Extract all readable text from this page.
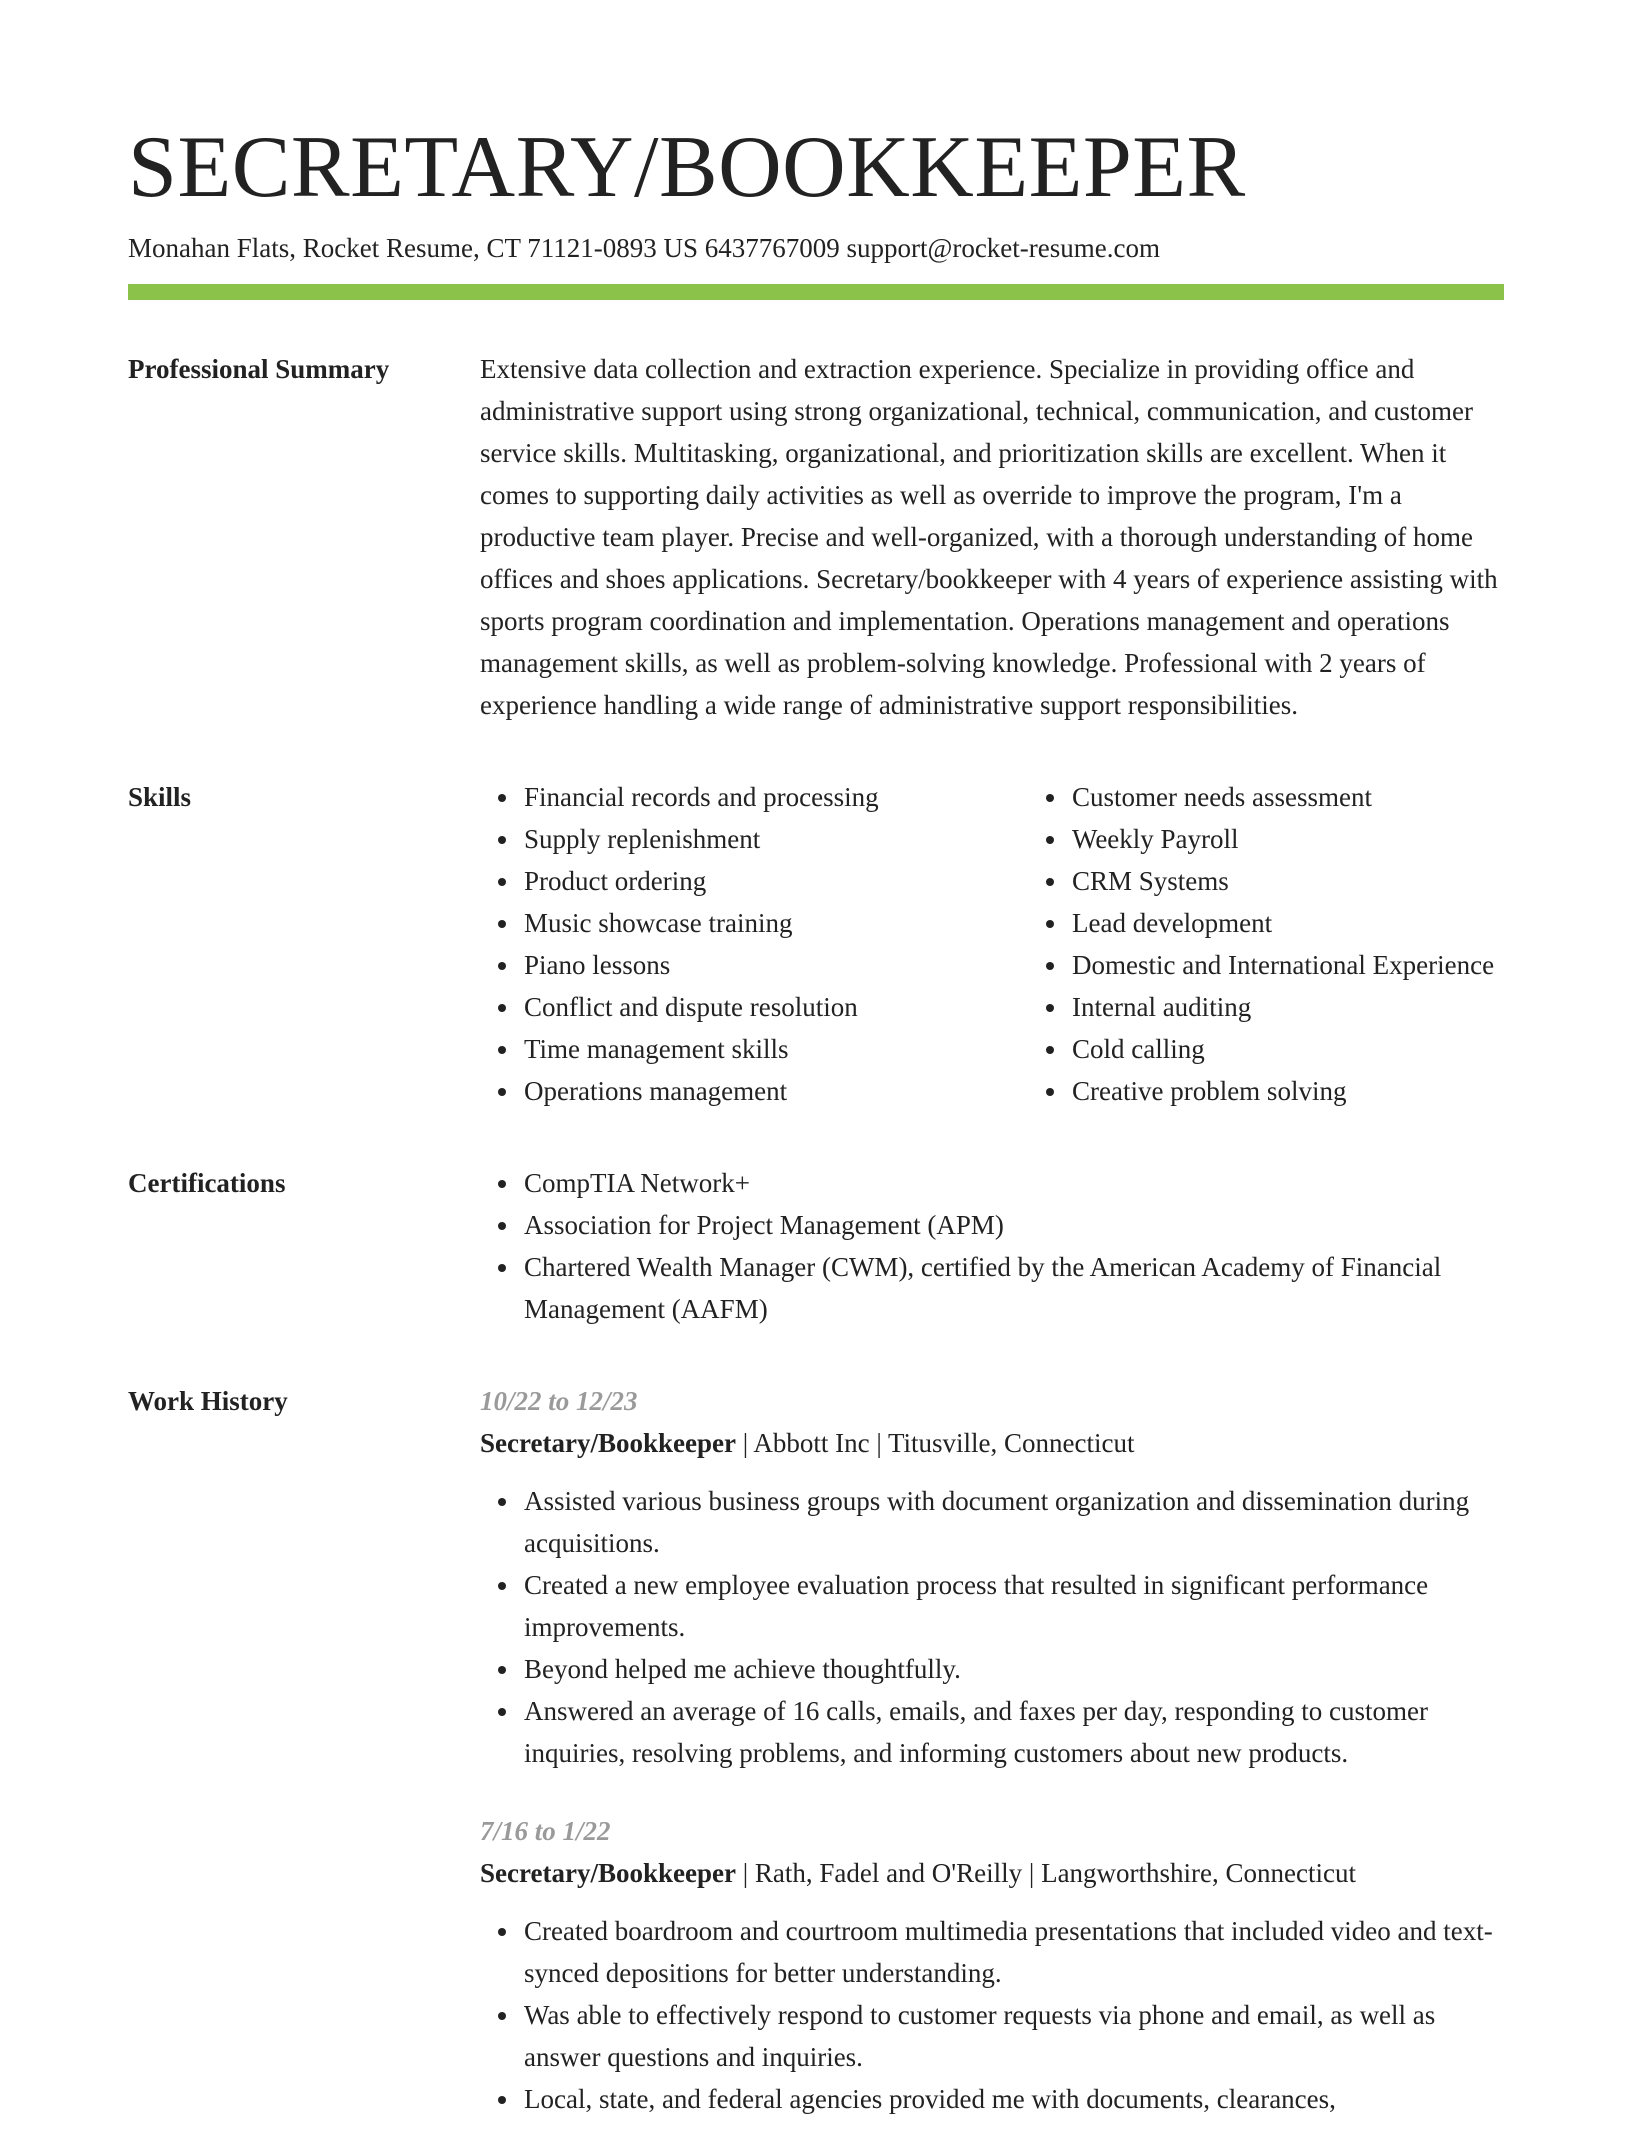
SECRETARY/BOOKKEEPER
Monahan Flats, Rocket Resume, CT 71121-0893 US 6437767009 support@rocket-resume.com
Professional Summary	Extensive data collection and extraction experience. Specialize in providing office and administrative support using strong organizational, technical, communication, and customer service skills. Multitasking, organizational, and prioritization skills are excellent. When it comes to supporting daily activities as well as override to improve the program, I'm a productive team player. Precise and well-organized, with a thorough understanding of home offices and shoes applications. Secretary/bookkeeper with 4 years of experience assisting with sports program coordination and implementation. Operations management and operations management skills, as well as problem-solving knowledge. Professional with 2 years of experience handling a wide range of administrative support responsibilities.

Skills	Financial records and processing
Supply replenishment
Product ordering
Music showcase training
Piano lessons
Conflict and dispute resolution
Time management skills
Operations management
Customer needs assessment
Weekly Payroll
CRM Systems
Lead development
Domestic and International Experience
Internal auditing
Cold calling
Creative problem solving
Certifications	CompTIA Network+
Association for Project Management (APM)
Chartered Wealth Manager (CWM), certified by the American Academy of Financial Management (AAFM)
Work History	10/22 to 12/23
Secretary/Bookkeeper | Abbott Inc | Titusville, Connecticut
Assisted various business groups with document organization and dissemination during acquisitions.
Created a new employee evaluation process that resulted in significant performance improvements.
Beyond helped me achieve thoughtfully.
Answered an average of 16 calls, emails, and faxes per day, responding to customer inquiries, resolving problems, and informing customers about new products.
7/16 to 1/22
Secretary/Bookkeeper | Rath, Fadel and O'Reilly | Langworthshire, Connecticut
Created boardroom and courtroom multimedia presentations that included video and text-synced depositions for better understanding.
Was able to effectively respond to customer requests via phone and email, as well as answer questions and inquiries.
Local, state, and federal agencies provided me with documents, clearances,
